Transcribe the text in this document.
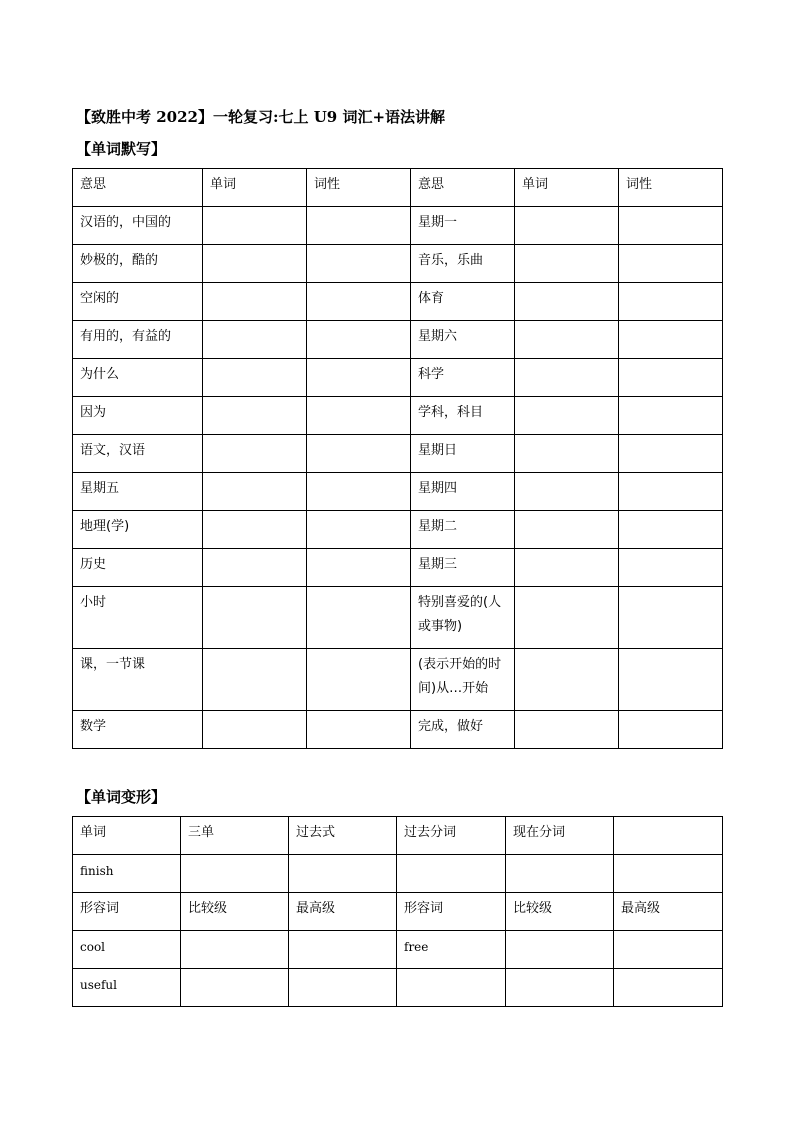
【致胜中考 2022】一轮复习:七上 U9 词汇+语法讲解
【单词默写】
意思	单词	词性	意思	单词	词性
汉语的，中国的			星期一		
妙极的，酷的			音乐，乐曲		
空闲的			体育		
有用的，有益的			星期六		
为什么			科学		
因为			学科，科目		
语文，汉语			星期日		
星期五			星期四		
地理(学)			星期二		
历史			星期三		
小时			特别喜爱的(人或事物)		
课，一节课			(表示开始的时间)从…开始		
数学			完成，做好		
【单词变形】
单词	三单	过去式	过去分词	现在分词	
finish					
形容词	比较级	最高级	形容词	比较级	最高级
cool			free		
useful					
